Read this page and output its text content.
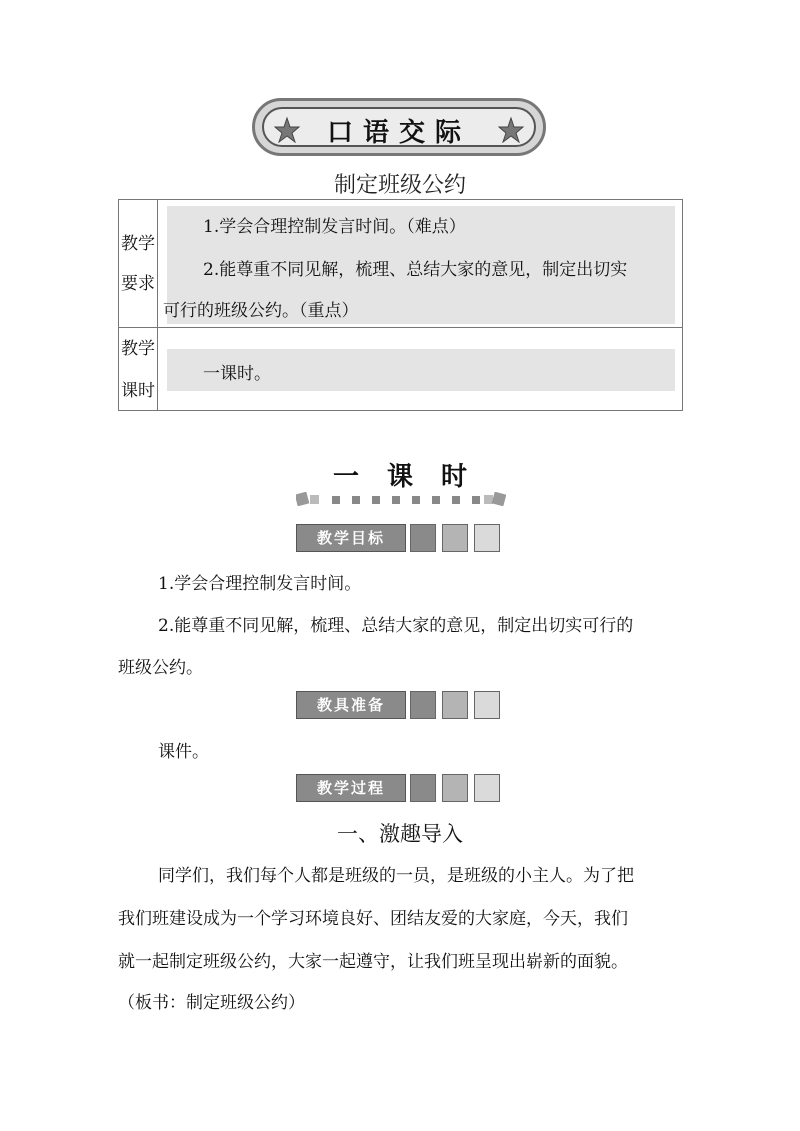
口语交际
制定班级公约
教学
要求
1.学会合理控制发言时间。（难点）
2.能尊重不同见解，梳理、总结大家的意见，制定出切实
可行的班级公约。（重点）
教学
课时
一课时。
一课时
教学目标
1.学会合理控制发言时间。
2.能尊重不同见解，梳理、总结大家的意见，制定出切实可行的
班级公约。
教具准备
课件。
教学过程
一、激趣导入
同学们，我们每个人都是班级的一员，是班级的小主人。为了把
我们班建设成为一个学习环境良好、团结友爱的大家庭，今天，我们
就一起制定班级公约，大家一起遵守，让我们班呈现出崭新的面貌。
（板书：制定班级公约）
